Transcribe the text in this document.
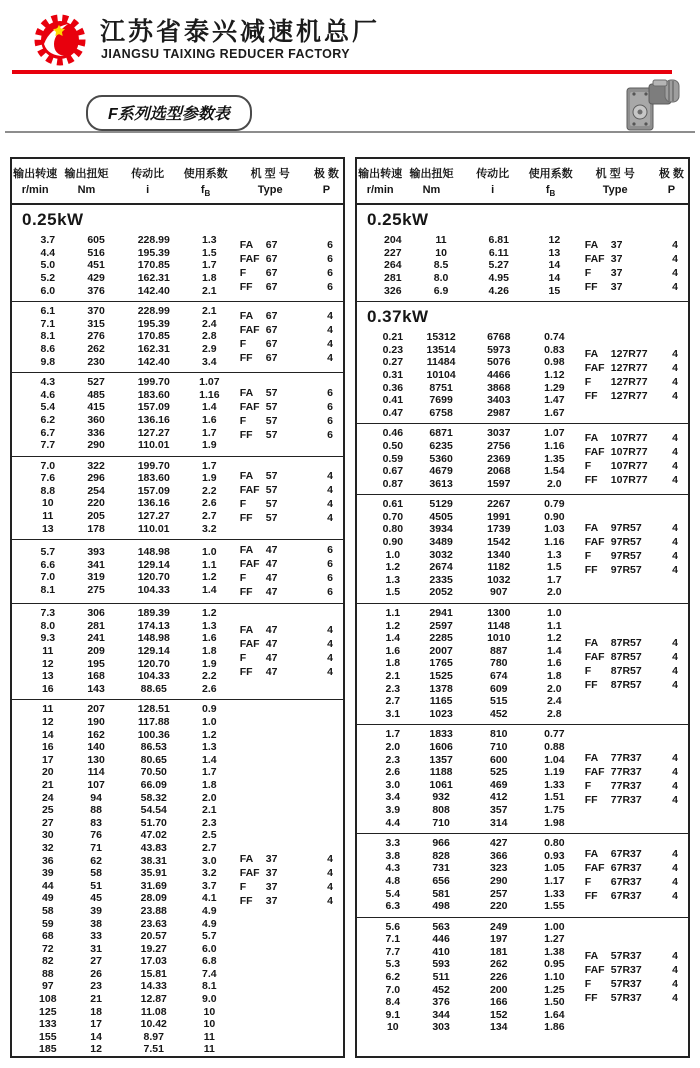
江苏省泰兴减速机总厂
JIANGSU TAIXING REDUCER FACTORY
F系列选型参数表
输出转速
r/min
输出扭矩
Nm
传动比
i
使用系数
$f_B$
机 型 号
Type
极 数
P
0.25kW
3.7	605	228.99	1.3
4.4	516	195.39	1.5
5.0	451	170.85	1.7
5.2	429	162.31	1.8
6.0	376	142.40	2.1
FA	67	6
FAF 67	6
F	67	6
FF	67	6
6.1	370	228.99	2.1
7.1	315	195.39	2.4
8.1	276	170.85	2.8
8.6	262	162.31	2.9
9.8	230	142.40	3.4
FA	67	4
FAF 67	4
F	67	4
FF	67	4
4.3	527	199.70	1.07
4.6	485	183.60	1.16
5.4	415	157.09	1.4
6.2	360	136.16	1.6
6.7	336	127.27	1.7
7.7	290	110.01	1.9
FA	57	6
FAF 57	6
F	57	6
FF	57	6
7.0	322	199.70	1.7
7.6	296	183.60	1.9
8.8	254	157.09	2.2
10	220	136.16	2.6
11	205	127.27	2.7
13	178	110.01	3.2
FA	57	4
FAF 57	4
F	57	4
FF	57	4
5.7	393	148.98	1.0
6.6	341	129.14	1.1
7.0	319	120.70	1.2
8.1	275	104.33	1.4
FA	47	6
FAF 47	6
F	47	6
FF	47	6
7.3	306	189.39	1.2
8.0	281	174.13	1.3
9.3	241	148.98	1.6
11	209	129.14	1.8
12	195	120.70	1.9
13	168	104.33	2.2
16	143	88.65	2.6
FA	47	4
FAF 47	4
F	47	4
FF	47	4
11	207	128.51	0.9
12	190	117.88	1.0
14	162	100.36	1.2
16	140	86.53	1.3
17	130	80.65	1.4
20	114	70.50	1.7
21	107	66.09	1.8
24	94	58.32	2.0
25	88	54.54	2.1
27	83	51.70	2.3
30	76	47.02	2.5
32	71	43.83	2.7
36	62	38.31	3.0
39	58	35.91	3.2
44	51	31.69	3.7
49	45	28.09	4.1
58	39	23.88	4.9
59	38	23.63	4.9
68	33	20.57	5.7
72	31	19.27	6.0
82	27	17.03	6.8
88	26	15.81	7.4
97	23	14.33	8.1
108	21	12.87	9.0
125	18	11.08	10
133	17	10.42	10
155	14	8.97	11
185	12	7.51	11
FA	37	4
FAF 37	4
F	37	4
FF	37	4
输出转速
r/min
输出扭矩
Nm
传动比
i
使用系数
$f_B$
机 型 号
Type
极 数
P
0.25kW
204	11	6.81	12
227	10	6.11	13
264	8.5	5.27	14
281	8.0	4.95	14
326	6.9	4.26	15
FA	37	4
FAF 37	4
F	37	4
FF	37	4
0.37kW
0.21	15312	6768	0.74
0.23	13514	5973	0.83
0.27	11484	5076	0.98
0.31	10104	4466	1.12
0.36	8751	3868	1.29
0.41	7699	3403	1.47
0.47	6758	2987	1.67
FA	127R77	4
FAF 127R77	4
F	127R77	4
FF	127R77	4
0.46	6871	3037	1.07
0.50	6235	2756	1.16
0.59	5360	2369	1.35
0.67	4679	2068	1.54
0.87	3613	1597	2.0
FA	107R77	4
FAF 107R77	4
F	107R77	4
FF	107R77	4
0.61	5129	2267	0.79
0.70	4505	1991	0.90
0.80	3934	1739	1.03
0.90	3489	1542	1.16
1.0	3032	1340	1.3
1.2	2674	1182	1.5
1.3	2335	1032	1.7
1.5	2052	907	2.0
FA	97R57	4
FAF 97R57	4
F	97R57	4
FF	97R57	4
1.1	2941	1300	1.0
1.2	2597	1148	1.1
1.4	2285	1010	1.2
1.6	2007	887	1.4
1.8	1765	780	1.6
2.1	1525	674	1.8
2.3	1378	609	2.0
2.7	1165	515	2.4
3.1	1023	452	2.8
FA	87R57	4
FAF 87R57	4
F	87R57	4
FF	87R57	4
1.7	1833	810	0.77
2.0	1606	710	0.88
2.3	1357	600	1.04
2.6	1188	525	1.19
3.0	1061	469	1.33
3.4	932	412	1.51
3.9	808	357	1.75
4.4	710	314	1.98
FA	77R37	4
FAF 77R37	4
F	77R37	4
FF	77R37	4
3.3	966	427	0.80
3.8	828	366	0.93
4.3	731	323	1.05
4.8	656	290	1.17
5.4	581	257	1.33
6.3	498	220	1.55
FA	67R37	4
FAF 67R37	4
F	67R37	4
FF	67R37	4
5.6	563	249	1.00
7.1	446	197	1.27
7.7	410	181	1.38
5.3	593	262	0.95
6.2	511	226	1.10
7.0	452	200	1.25
8.4	376	166	1.50
9.1	344	152	1.64
10	303	134	1.86
FA	57R37	4
FAF 57R37	4
F	57R37	4
FF	57R37	4
